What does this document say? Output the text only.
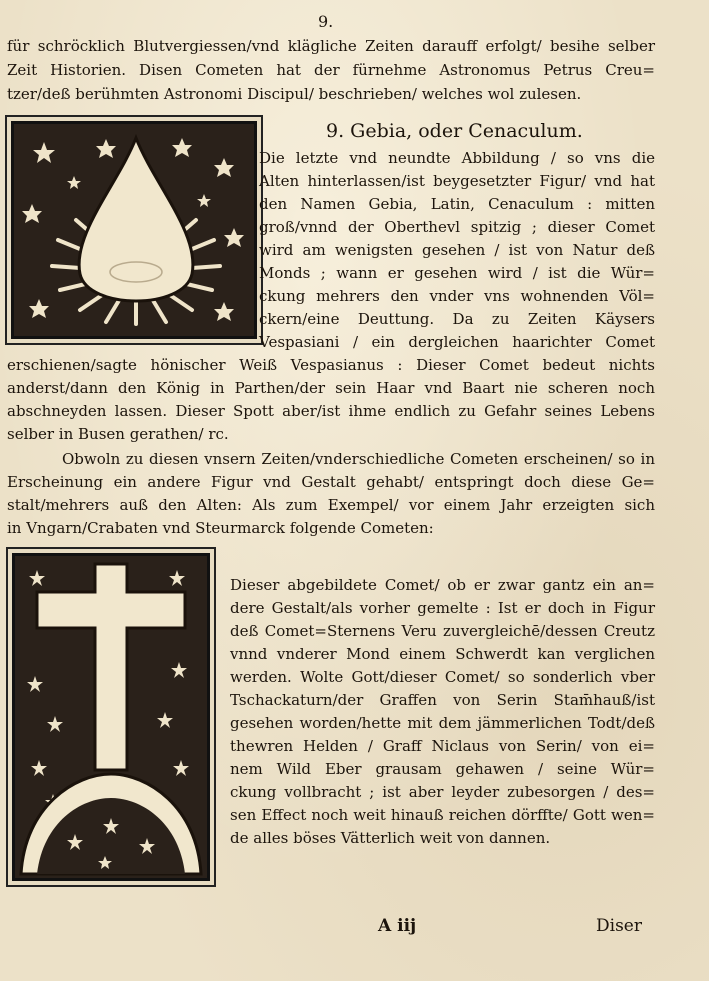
9.
für schröcklich Blutvergiessen/vnd klägliche Zeiten darauff erfolgt/ besihe selber
Zeit Historien. Disen Cometen hat der fürnehme Astronomus Petrus Creu=
tzer/deß berühmten Astronomi Discipul/ beschrieben/ welches wol zulesen.
9. Gebia, oder Cenaculum.
Die letzte vnd neundte Abbildung / so vns die
Alten hinterlassen/ist beygesetzter Figur/ vnd hat
den Namen Gebia, Latin, Cenaculum : mitten
groß/vnnd der Oberthevl spitzig ; dieser Comet
wird am wenigsten gesehen / ist von Natur deß
Monds ; wann er gesehen wird / ist die Wür=
ckung mehrers den vnder vns wohnenden Völ=
ckern/eine Deuttung. Da zu Zeiten Käysers
Vespasiani / ein dergleichen haarichter Comet
erschienen/sagte hönischer Weiß Vespasianus : Dieser Comet bedeut nichts
anderst/dann den König in Parthen/der sein Haar vnd Baart nie scheren noch
abschneyden lassen. Dieser Spott aber/ist ihme endlich zu Gefahr seines Lebens
selber in Busen gerathen/ rc.
Obwoln zu diesen vnsern Zeiten/vnderschiedliche Cometen erscheinen/ so in
Erscheinung ein andere Figur vnd Gestalt gehabt/ entspringt doch diese Ge=
stalt/mehrers auß den Alten: Als zum Exempel/ vor einem Jahr erzeigten sich
in Vngarn/Crabaten vnd Steurmarck folgende Cometen:
Dieser abgebildete Comet/ ob er zwar gantz ein an=
dere Gestalt/als vorher gemelte : Ist er doch in Figur
deß Comet=Sternens Veru zuvergleichē/dessen Creutz
vnnd vnderer Mond einem Schwerdt kan verglichen
werden. Wolte Gott/dieser Comet/ so sonderlich vber
Tschackaturn/der Graffen von Serin Stam̄hauß/ist
gesehen worden/hette mit dem jämmerlichen Todt/deß
thewren Helden / Graff Niclaus von Serin/ von ei=
nem Wild Eber grausam gehawen / seine Wür=
ckung vollbracht ; ist aber leyder zubesorgen / des=
sen Effect noch weit hinauß reichen dörffte/ Gott wen=
de alles böses Vätterlich weit von dannen.
A iij	Diser
